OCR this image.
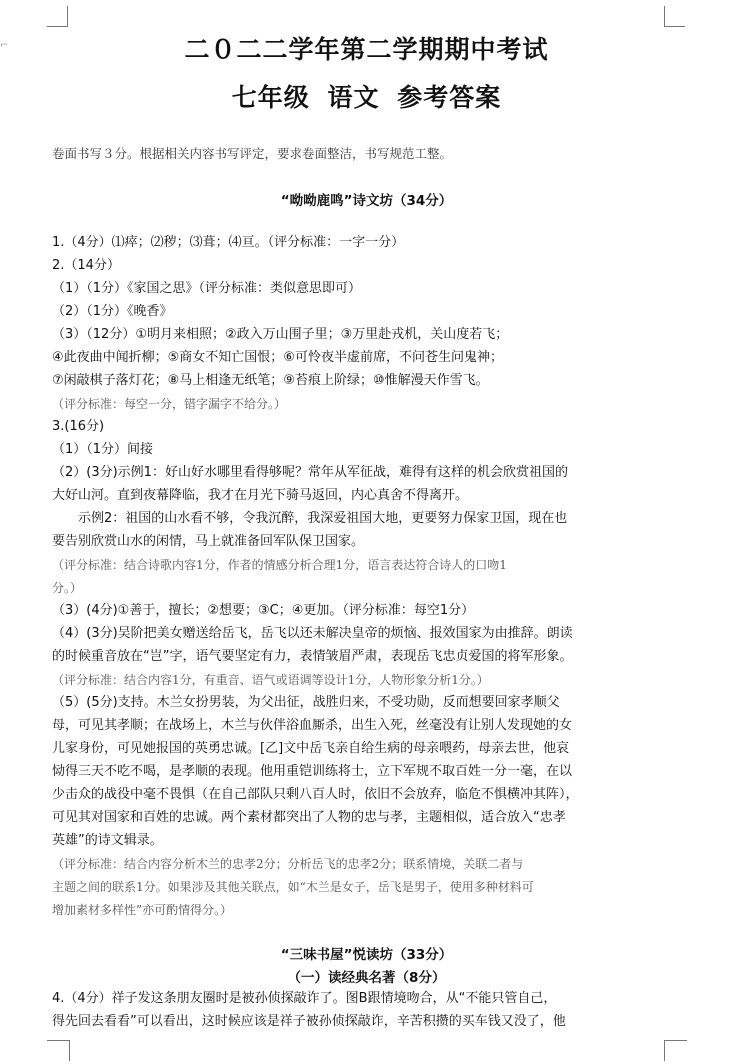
⌐	二０二二学年第二学期期中考试
七年级 语文 参考答案
卷面书写３分。根据相关内容书写评定，要求卷面整洁，书写规范工整。
“呦呦鹿鸣”诗文坊（34分）
1.（4分）⑴瘁；⑵秽；⑶葺；⑷亘。（评分标准：一字一分）
2.（14分）
（1）（1分）《家国之思》（评分标准：类似意思即可）
（2）（1分）《晚香》
（3）（12分）①明月来相照；②政入万山围子里；③万里赴戎机，关山度若飞；
④此夜曲中闻折柳；⑤商女不知亡国恨；⑥可怜夜半虚前席，不问苍生问鬼神；
⑦闲敲棋子落灯花；⑧马上相逢无纸笔；⑨苔痕上阶绿；⑩惟解漫天作雪飞。
（评分标准：每空一分，错字漏字不给分。）
3.(16分)
（1）（1分）间接
（2）(3分)示例1：好山好水哪里看得够呢？常年从军征战，难得有这样的机会欣赏祖国的
大好山河。直到夜幕降临，我才在月光下骑马返回，内心真舍不得离开。
　　示例2：祖国的山水看不够，令我沉醉，我深爱祖国大地，更要努力保家卫国，现在也
要告别欣赏山水的闲情，马上就准备回军队保卫国家。
（评分标准：结合诗歌内容1分，作者的情感分析合理1分，语言表达符合诗人的口吻1
分。）
（3）(4分)①善于，擅长；②想要；③C；④更加。（评分标准：每空1分）
（4）(3分)吴阶把美女赠送给岳飞，岳飞以还未解决皇帝的烦恼、报效国家为由推辞。朗读
的时候重音放在“岂”字，语气要坚定有力，表情皱眉严肃，表现岳飞忠贞爱国的将军形象。
（评分标准：结合内容1分，有重音、语气或语调等设计1分，人物形象分析1分。）
（5）(5分)支持。木兰女扮男装，为父出征，战胜归来，不受功勋，反而想要回家孝顺父
母，可见其孝顺；在战场上，木兰与伙伴浴血厮杀，出生入死，丝毫没有让别人发现她的女
儿家身份，可见她报国的英勇忠诚。[乙]文中岳飞亲自给生病的母亲喂药，母亲去世，他哀
恸得三天不吃不喝，是孝顺的表现。他用重铠训练将士，立下军规不取百姓一分一毫，在以
少击众的战役中毫不畏惧（在自己部队只剩八百人时，依旧不会放弃，临危不惧横冲其阵），
可见其对国家和百姓的忠诚。两个素材都突出了人物的忠与孝，主题相似，适合放入“忠孝
英雄”的诗文辑录。
（评分标准：结合内容分析木兰的忠孝2分；分析岳飞的忠孝2分；联系情境，关联二者与
主题之间的联系1分。如果涉及其他关联点，如“木兰是女子，岳飞是男子，使用多种材料可
增加素材多样性”亦可酌情得分。）
“三味书屋”悦读坊（33分）
（一）读经典名著（8分）
4.（4分）祥子发这条朋友圈时是被孙侦探敲诈了。图B跟情境吻合，从“不能只管自己，
得先回去看看”可以看出，这时候应该是祥子被孙侦探敲诈，辛苦积攒的买车钱又没了，他
